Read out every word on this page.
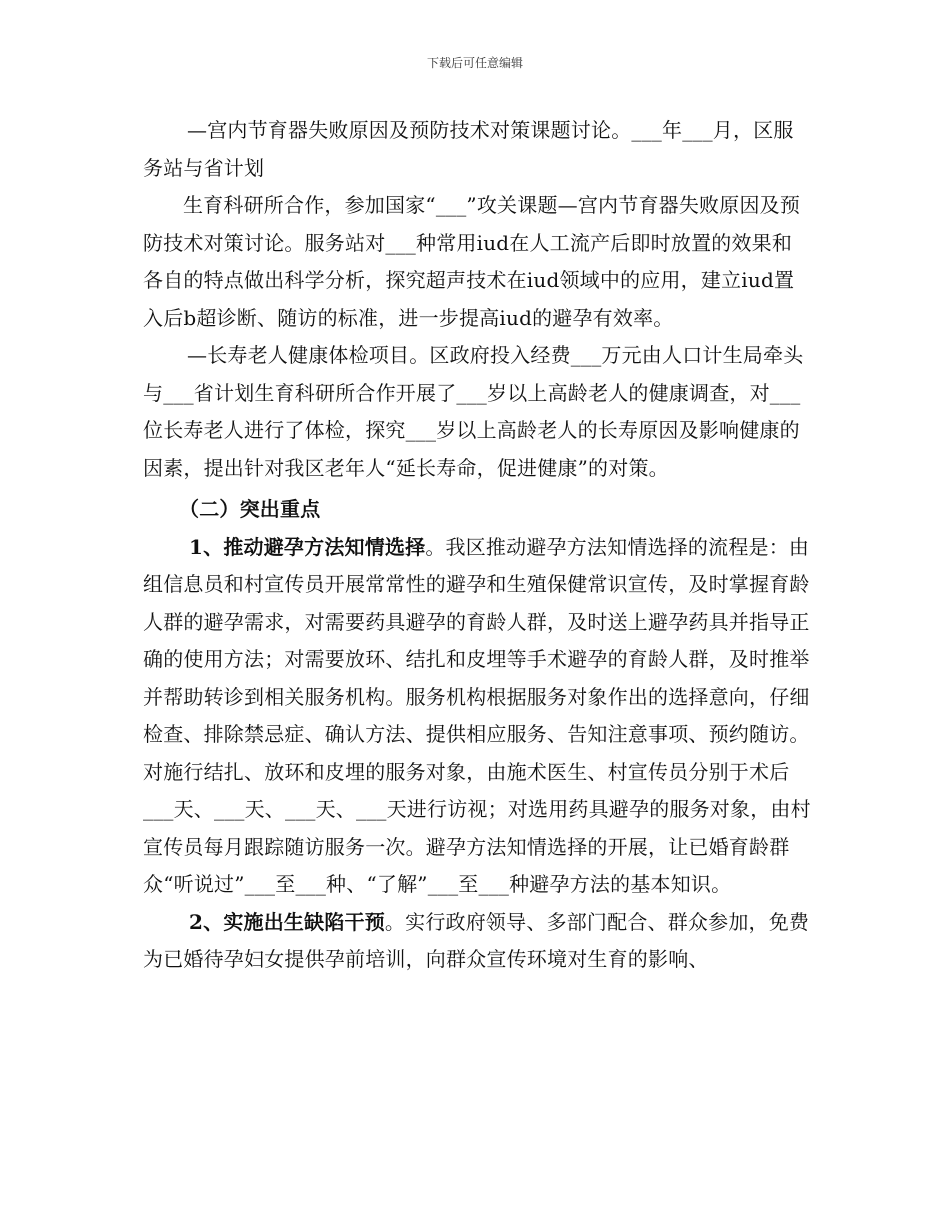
下载后可任意编辑

—宫内节育器失败原因及预防技术对策课题讨论。___年___月，区服务站与省计划

生育科研所合作，参加国家“___”攻关课题—宫内节育器失败原因及预防技术对策讨论。服务站对___种常用iud在人工流产后即时放置的效果和各自的特点做出科学分析，探究超声技术在iud领域中的应用，建立iud置入后b超诊断、随访的标准，进一步提高iud的避孕有效率。

—长寿老人健康体检项目。区政府投入经费___万元由人口计生局牵头与___省计划生育科研所合作开展了___岁以上高龄老人的健康调查，对___位长寿老人进行了体检，探究___岁以上高龄老人的长寿原因及影响健康的因素，提出针对我区老年人“延长寿命，促进健康”的对策。

（二）突出重点

1、推动避孕方法知情选择。我区推动避孕方法知情选择的流程是：由组信息员和村宣传员开展常常性的避孕和生殖保健常识宣传，及时掌握育龄人群的避孕需求，对需要药具避孕的育龄人群，及时送上避孕药具并指导正确的使用方法；对需要放环、结扎和皮埋等手术避孕的育龄人群，及时推举并帮助转诊到相关服务机构。服务机构根据服务对象作出的选择意向，仔细检查、排除禁忌症、确认方法、提供相应服务、告知注意事项、预约随访。对施行结扎、放环和皮埋的服务对象，由施术医生、村宣传员分别于术后___天、___天、___天、___天进行访视；对选用药具避孕的服务对象，由村宣传员每月跟踪随访服务一次。避孕方法知情选择的开展，让已婚育龄群众“听说过”___至___种、“了解”___至___种避孕方法的基本知识。

2、实施出生缺陷干预。实行政府领导、多部门配合、群众参加，免费为已婚待孕妇女提供孕前培训，向群众宣传环境对生育的影响、
